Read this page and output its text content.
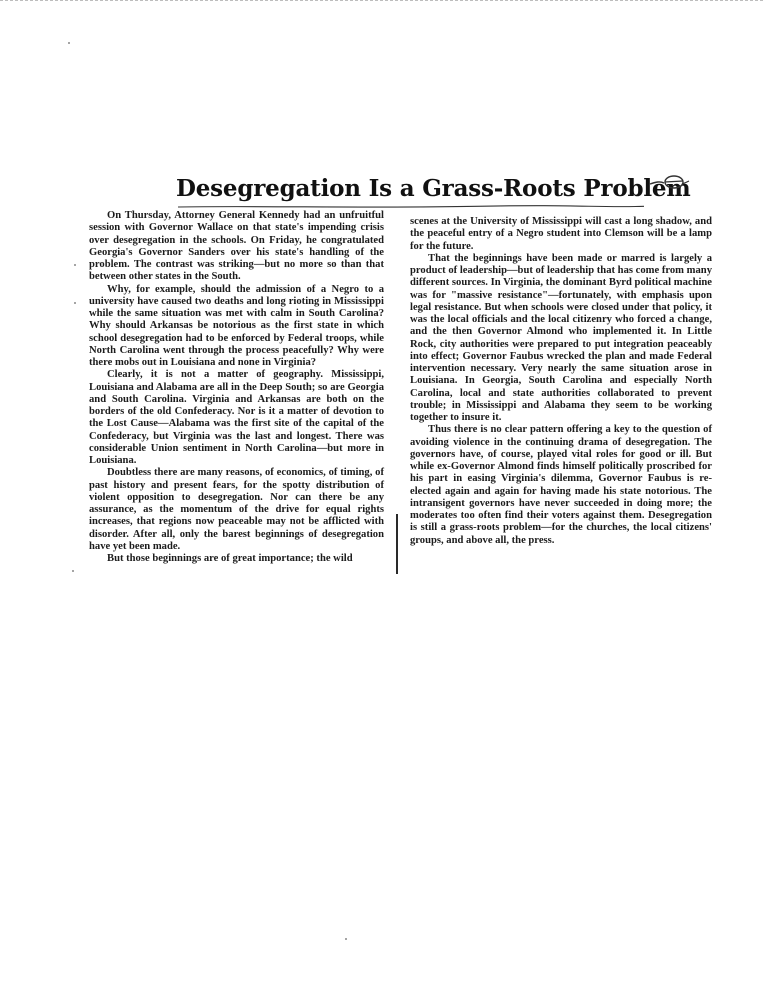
Desegregation Is a Grass-Roots Problem

On Thursday, Attorney General Kennedy had an unfruitful session with Governor Wallace on that state's impending crisis over desegregation in the schools. On Friday, he congratulated Georgia's Governor Sanders over his state's handling of the problem. The contrast was striking—but no more so than that between other states in the South.

Why, for example, should the admission of a Negro to a university have caused two deaths and long rioting in Mississippi while the same situation was met with calm in South Carolina? Why should Arkansas be notorious as the first state in which school desegregation had to be enforced by Federal troops, while North Carolina went through the process peacefully? Why were there mobs out in Louisiana and none in Virginia?

Clearly, it is not a matter of geography. Mississippi, Louisiana and Alabama are all in the Deep South; so are Georgia and South Carolina. Virginia and Arkansas are both on the borders of the old Confederacy. Nor is it a matter of devotion to the Lost Cause—Alabama was the first site of the capital of the Confederacy, but Virginia was the last and longest. There was considerable Union sentiment in North Carolina—but more in Louisiana.

Doubtless there are many reasons, of economics, of timing, of past history and present fears, for the spotty distribution of violent opposition to desegregation. Nor can there be any assurance, as the momentum of the drive for equal rights increases, that regions now peaceable may not be afflicted with disorder. After all, only the barest beginnings of desegregation have yet been made.

But those beginnings are of great importance; the wild

scenes at the University of Mississippi will cast a long shadow, and the peaceful entry of a Negro student into Clemson will be a lamp for the future.

That the beginnings have been made or marred is largely a product of leadership—but of leadership that has come from many different sources. In Virginia, the dominant Byrd political machine was for "massive resistance"—fortunately, with emphasis upon legal resistance. But when schools were closed under that policy, it was the local officials and the local citizenry who forced a change, and the then Governor Almond who implemented it. In Little Rock, city authorities were prepared to put integration peaceably into effect; Governor Faubus wrecked the plan and made Federal intervention necessary. Very nearly the same situation arose in Louisiana. In Georgia, South Carolina and especially North Carolina, local and state authorities collaborated to prevent trouble; in Mississippi and Alabama they seem to be working together to insure it.

Thus there is no clear pattern offering a key to the question of avoiding violence in the continuing drama of desegregation. The governors have, of course, played vital roles for good or ill. But while ex-Governor Almond finds himself politically proscribed for his part in easing Virginia's dilemma, Governor Faubus is re-elected again and again for having made his state notorious. The intransigent governors have never succeeded in doing more; the moderates too often find their voters against them. Desegregation is still a grass-roots problem—for the churches, the local citizens' groups, and above all, the press.
